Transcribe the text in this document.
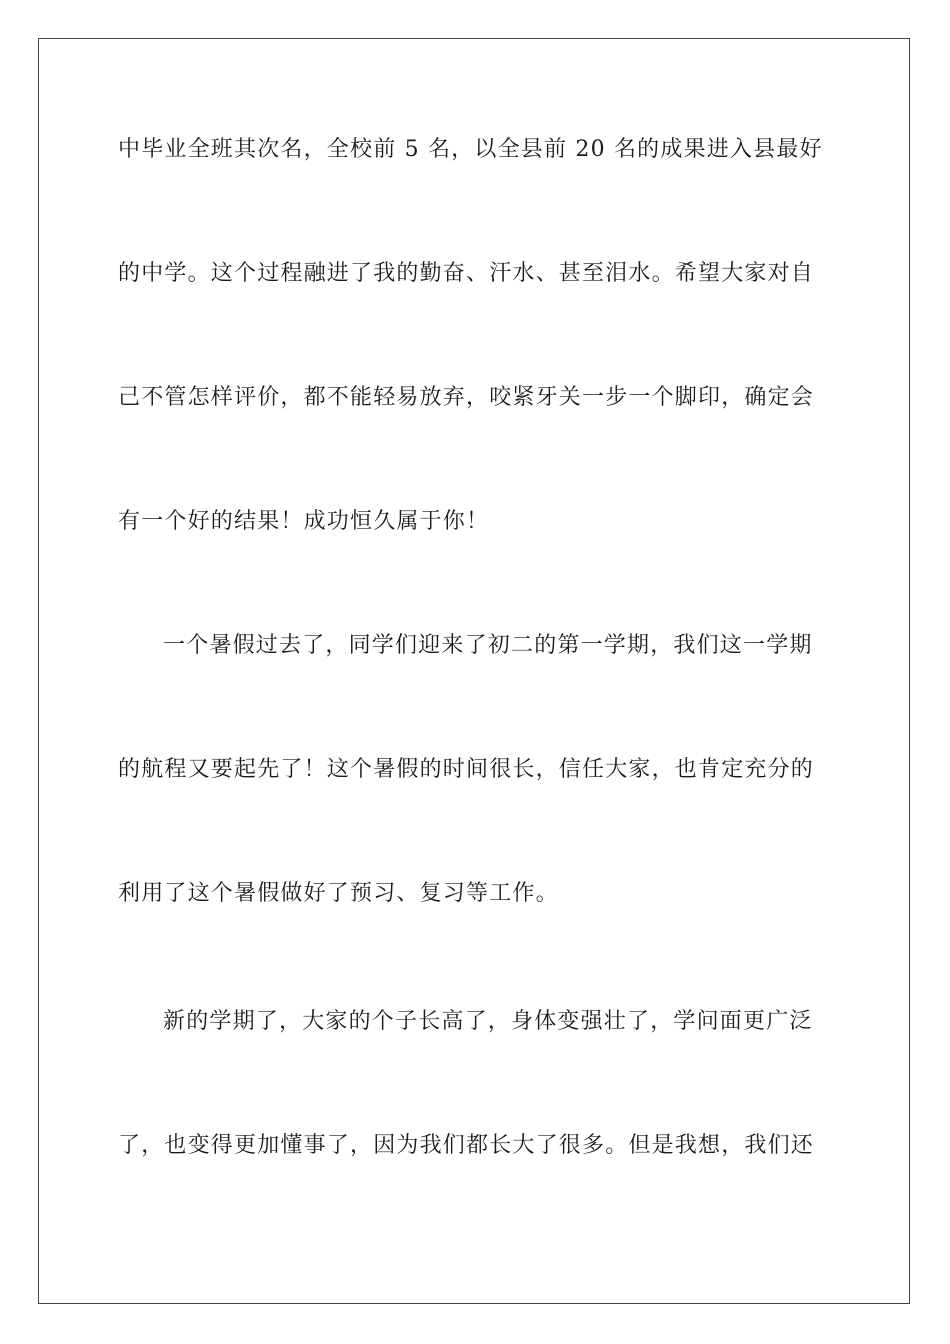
中毕业全班其次名，全校前 5 名，以全县前 20 名的成果进入县最好
的中学。这个过程融进了我的勤奋、汗水、甚至泪水。希望大家对自
己不管怎样评价，都不能轻易放弃，咬紧牙关一步一个脚印，确定会
有一个好的结果！成功恒久属于你！
一个暑假过去了，同学们迎来了初二的第一学期，我们这一学期
的航程又要起先了！这个暑假的时间很长，信任大家，也肯定充分的
利用了这个暑假做好了预习、复习等工作。
新的学期了，大家的个子长高了，身体变强壮了，学问面更广泛
了，也变得更加懂事了，因为我们都长大了很多。但是我想，我们还
